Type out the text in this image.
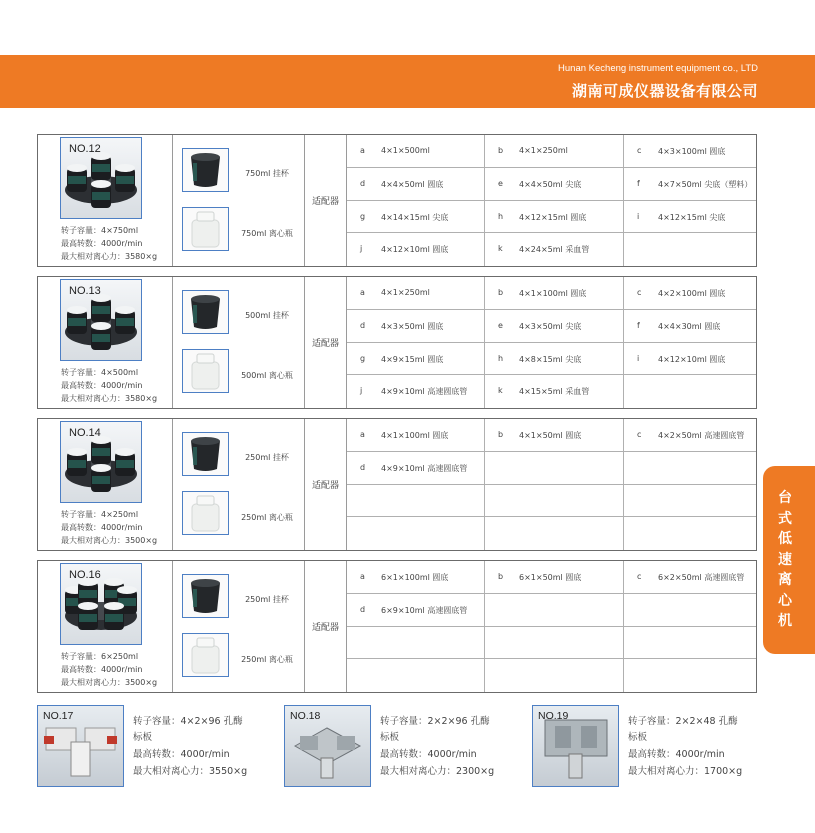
Hunan Kecheng instrument equipment co., LTD
湖南可成仪器设备有限公司
台
式
低
速
离
心
机
NO.12
转子容量：4×750ml
最高转数：4000r/min
最大相对离心力：3580×g
750ml 挂杯
750ml 离心瓶
适配器
a 4×1×500ml	b 4×1×250ml	c 4×3×100ml 圆底
d 4×4×50ml 圆底	e 4×4×50ml 尖底	f 4×7×50ml 尖底（塑料）
g 4×14×15ml 尖底	h 4×12×15ml 圆底	i 4×12×15ml 尖底
j 4×12×10ml 圆底	k 4×24×5ml 采血管
NO.13
转子容量：4×500ml
最高转数：4000r/min
最大相对离心力：3580×g
500ml 挂杯
500ml 离心瓶
适配器
a 4×1×250ml	b 4×1×100ml 圆底	c 4×2×100ml 圆底
d 4×3×50ml 圆底	e 4×3×50ml 尖底	f 4×4×30ml 圆底
g 4×9×15ml 圆底	h 4×8×15ml 尖底	i 4×12×10ml 圆底
j 4×9×10ml 高速圆底管	k 4×15×5ml 采血管
NO.14
转子容量：4×250ml
最高转数：4000r/min
最大相对离心力：3500×g
250ml 挂杯
250ml 离心瓶
适配器
a 4×1×100ml 圆底	b 4×1×50ml 圆底	c 4×2×50ml 高速圆底管
d 4×9×10ml 高速圆底管
NO.16
转子容量：6×250ml
最高转数：4000r/min
最大相对离心力：3500×g
250ml 挂杯
250ml 离心瓶
适配器
a 6×1×100ml 圆底	b 6×1×50ml 圆底	c 6×2×50ml 高速圆底管
d 6×9×10ml 高速圆底管
NO.17	转子容量：4×2×96 孔酶
标板
最高转数：4000r/min
最大相对离心力：3550×g
NO.18	转子容量：2×2×96 孔酶
标板
最高转数：4000r/min
最大相对离心力：2300×g
NO.19	转子容量：2×2×48 孔酶
标板
最高转数：4000r/min
最大相对离心力：1700×g
